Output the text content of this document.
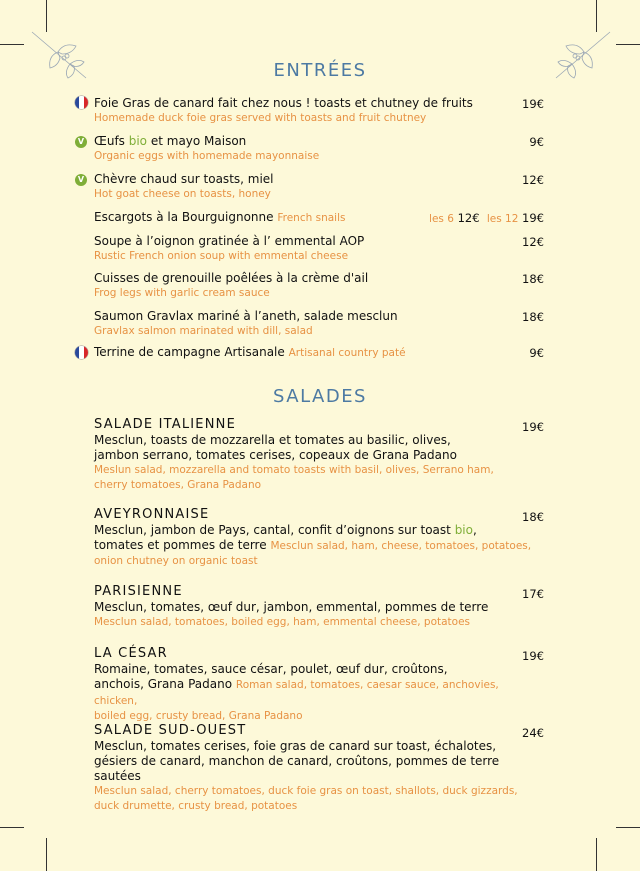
ENTRÉES
Foie Gras de canard fait chez nous ! toasts et chutney de fruits
Homemade duck foie gras served with toasts and fruit chutney
19€
V Œufs bio et mayo Maison
Organic eggs with homemade mayonnaise
9€
V Chèvre chaud sur toasts, miel
Hot goat cheese on toasts, honey
12€
Escargots à la Bourguignonne French snails	les 6 12€ les 12 19€
Soupe à l’oignon gratinée à l’ emmental AOP
Rustic French onion soup with emmental cheese
12€
Cuisses de grenouille poêlées à la crème d'ail
Frog legs with garlic cream sauce
18€
Saumon Gravlax mariné à l’aneth, salade mesclun
Gravlax salmon marinated with dill, salad
18€
Terrine de campagne Artisanale Artisanal country paté	9€
SALADES
SALADE ITALIENNE
Mesclun, toasts de mozzarella et tomates au basilic, olives,
jambon serrano, tomates cerises, copeaux de Grana Padano
Meslun salad, mozzarella and tomato toasts with basil, olives, Serrano ham,
cherry tomatoes, Grana Padano
19€
AVEYRONNAISE
Mesclun, jambon de Pays, cantal, confit d’oignons sur toast bio,
tomates et pommes de terre Mesclun salad, ham, cheese, tomatoes, potatoes,
onion chutney on organic toast
18€
PARISIENNE
Mesclun, tomates, œuf dur, jambon, emmental, pommes de terre
Mesclun salad, tomatoes, boiled egg, ham, emmental cheese, potatoes
17€
LA CÉSAR
Romaine, tomates, sauce césar, poulet, œuf dur, croûtons,
anchois, Grana Padano Roman salad, tomatoes, caesar sauce, anchovies, chicken,
boiled egg, crusty bread, Grana Padano
19€
SALADE SUD-OUEST
Mesclun, tomates cerises, foie gras de canard sur toast, échalotes,
gésiers de canard, manchon de canard, croûtons, pommes de terre sautées
Mesclun salad, cherry tomatoes, duck foie gras on toast, shallots, duck gizzards,
duck drumette, crusty bread, potatoes
24€
